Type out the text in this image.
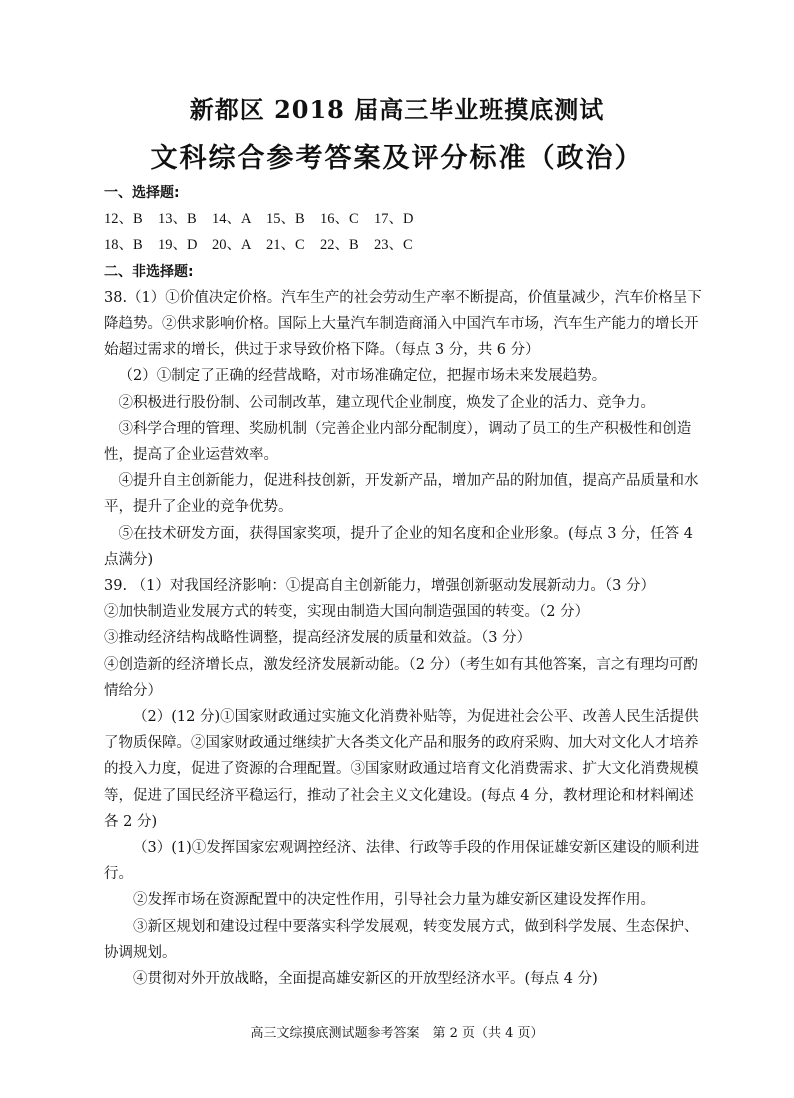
新都区 2018 届高三毕业班摸底测试
文科综合参考答案及评分标准（政治）

一、选择题:

12、B	13、B	14、A	15、B	16、C	17、D
18、B	19、D	20、A	21、C	22、B	23、C

二、非选择题:

38.（1）①价值决定价格。汽车生产的社会劳动生产率不断提高，价值量减少，汽车价格呈下降趋势。②供求影响价格。国际上大量汽车制造商涌入中国汽车市场，汽车生产能力的增长开始超过需求的增长，供过于求导致价格下降。（每点 3 分，共 6 分）

（2）①制定了正确的经营战略，对市场准确定位，把握市场未来发展趋势。

②积极进行股份制、公司制改革，建立现代企业制度，焕发了企业的活力、竞争力。

③科学合理的管理、奖励机制（完善企业内部分配制度），调动了员工的生产积极性和创造性，提高了企业运营效率。

④提升自主创新能力，促进科技创新，开发新产品，增加产品的附加值，提高产品质量和水平，提升了企业的竞争优势。

⑤在技术研发方面，获得国家奖项，提升了企业的知名度和企业形象。(每点 3 分，任答 4 点满分)

39. （1）对我国经济影响：①提高自主创新能力，增强创新驱动发展新动力。（3 分）

②加快制造业发展方式的转变，实现由制造大国向制造强国的转变。（2 分）

③推动经济结构战略性调整，提高经济发展的质量和效益。（3 分）

④创造新的经济增长点，激发经济发展新动能。（2 分）（考生如有其他答案，言之有理均可酌情给分）

（2）(12 分)①国家财政通过实施文化消费补贴等，为促进社会公平、改善人民生活提供了物质保障。②国家财政通过继续扩大各类文化产品和服务的政府采购、加大对文化人才培养的投入力度，促进了资源的合理配置。③国家财政通过培育文化消费需求、扩大文化消费规模等，促进了国民经济平稳运行，推动了社会主义文化建设。(每点 4 分，教材理论和材料阐述各 2 分)

（3）(1)①发挥国家宏观调控经济、法律、行政等手段的作用保证雄安新区建设的顺利进行。

②发挥市场在资源配置中的决定性作用，引导社会力量为雄安新区建设发挥作用。

③新区规划和建设过程中要落实科学发展观，转变发展方式，做到科学发展、生态保护、协调规划。

④贯彻对外开放战略，全面提高雄安新区的开放型经济水平。(每点 4 分)

高三文综摸底测试题参考答案　第 2 页（共 4 页）
